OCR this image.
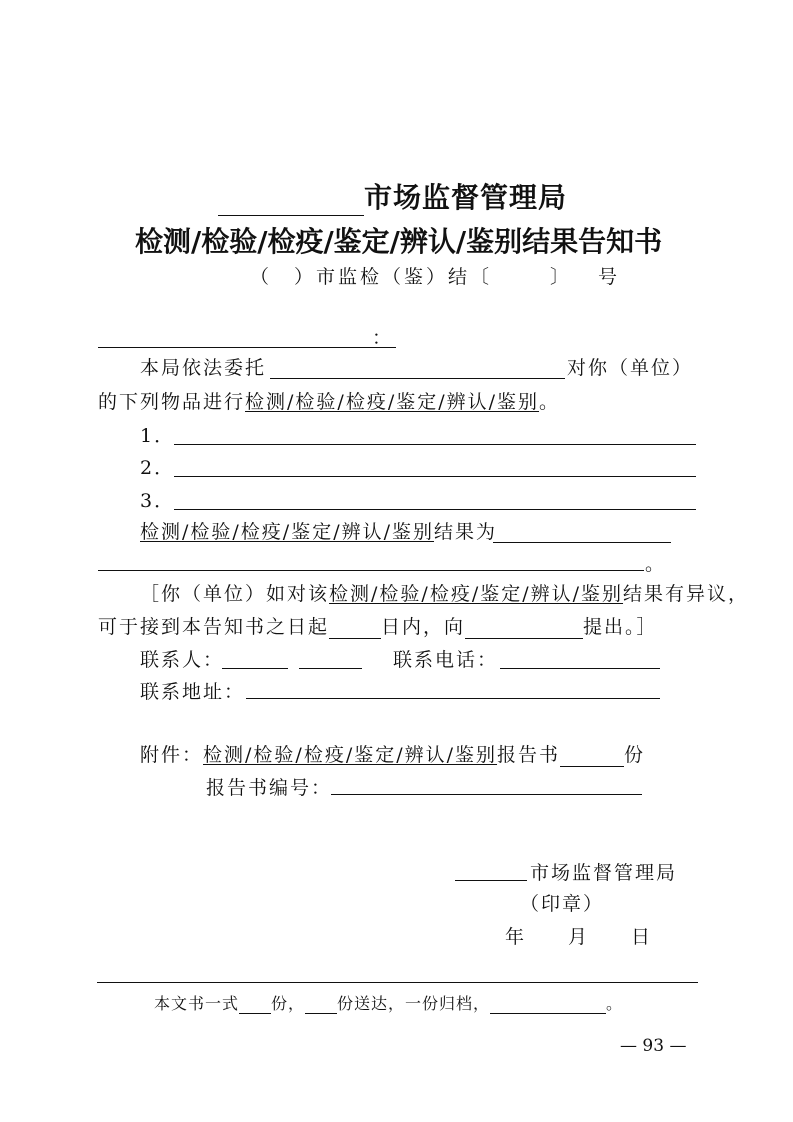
市场监督管理局
检测/检验/检疫/鉴定/辨认/鉴别结果告知书
（　）市监检（鉴）结〔	〕 号
：
本局依法委托	对你（单位）
的下列物品进行检测/检验/检疫/鉴定/辨认/鉴别。
1．
2．
3．
检测/检验/检疫/鉴定/辨认/鉴别结果为
。
［你（单位）如对该检测/检验/检疫/鉴定/辨认/鉴别结果有异议，
可于接到本告知书之日起	日内，向	提出。］
联系人：	联系电话：
联系地址：
附件：检测/检验/检疫/鉴定/辨认/鉴别报告书	份
报告书编号：
市场监督管理局
（印章）
年　　月　　日
本文书一式 份， 份送达，一份归档，	。
— 93 —
